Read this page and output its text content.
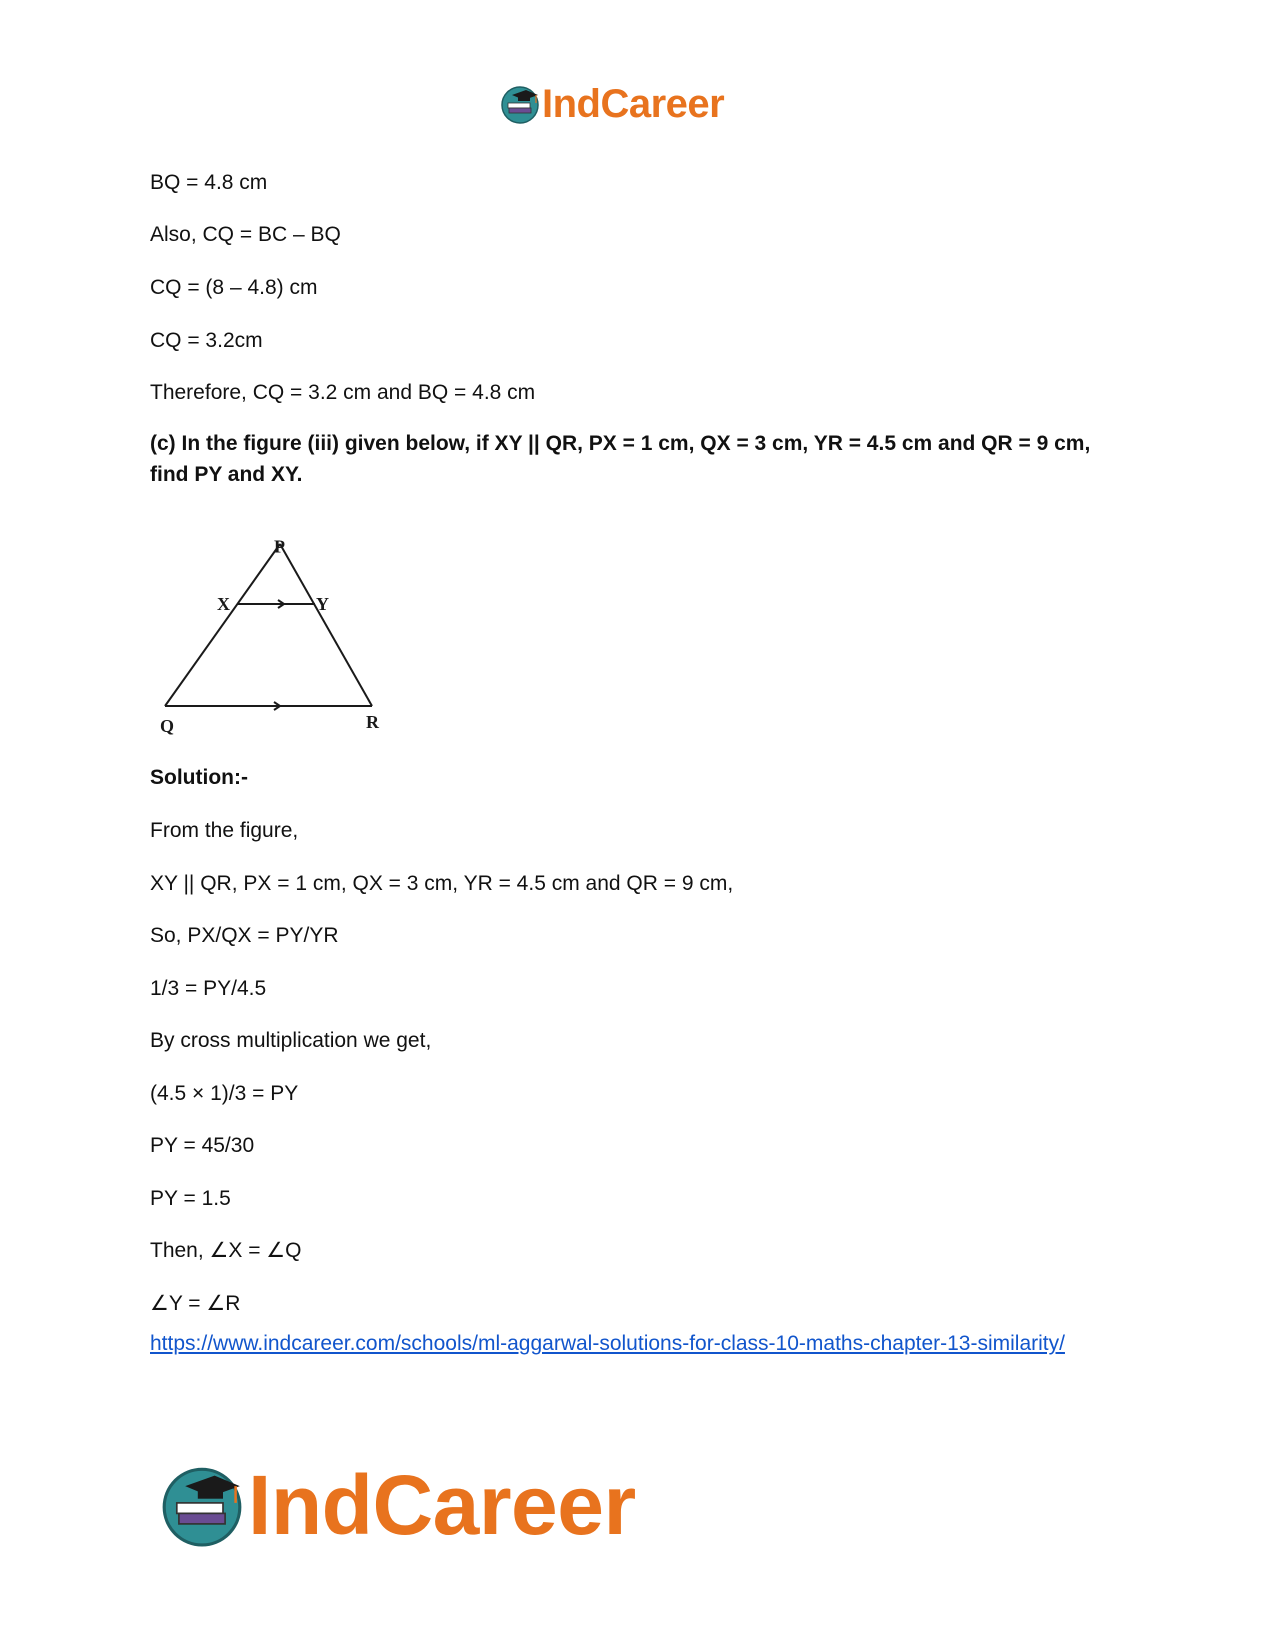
IndCareer
BQ = 4.8 cm
Also, CQ = BC – BQ
CQ = (8 – 4.8) cm
CQ = 3.2cm
Therefore, CQ = 3.2 cm and BQ = 4.8 cm
(c) In the figure (iii) given below, if XY || QR, PX = 1 cm, QX = 3 cm, YR = 4.5 cm and QR = 9 cm, find PY and XY.
Solution:-
From the figure,
XY || QR, PX = 1 cm, QX = 3 cm, YR = 4.5 cm and QR = 9 cm,
So, PX/QX = PY/YR
1/3 = PY/4.5
By cross multiplication we get,
(4.5 × 1)/3 = PY
PY = 45/30
PY = 1.5
Then, ∠X = ∠Q
∠Y = ∠R
https://www.indcareer.com/schools/ml-aggarwal-solutions-for-class-10-maths-chapter-13-similarity/
P
X	Y
Q	R
IndCareer
